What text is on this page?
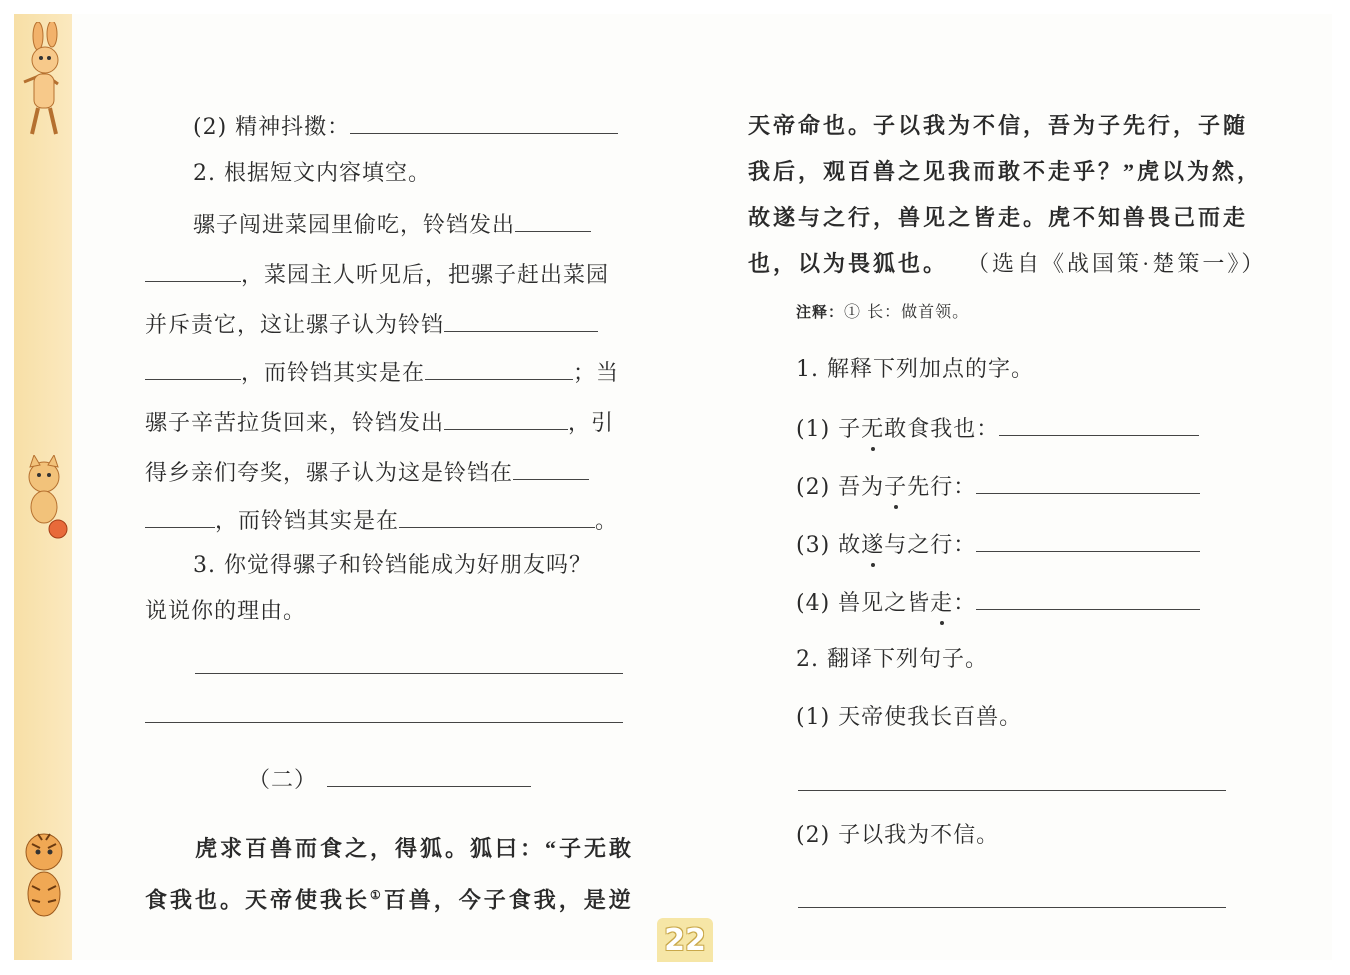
(2) 精神抖擞：
2. 根据短文内容填空。
骡子闯进菜园里偷吃，铃铛发出
，菜园主人听见后，把骡子赶出菜园
并斥责它，这让骡子认为铃铛
，而铃铛其实是在	；当
骡子辛苦拉货回来，铃铛发出	，引
得乡亲们夸奖，骡子认为这是铃铛在
，而铃铛其实是在	。
3. 你觉得骡子和铃铛能成为好朋友吗？
说说你的理由。
（二）
虎求百兽而食之，得狐。狐曰：“子无敢
食我也。天帝使我长①百兽，今子食我，是逆
天帝命也。子以我为不信，吾为子先行，子随
我后，观百兽之见我而敢不走乎？”虎以为然，
故遂与之行，兽见之皆走。虎不知兽畏己而走
也，以为畏狐也。 （选自《战国策·楚策一》）
注释：① 长：做首领。
1. 解释下列加点的字。
(1) 子无敢食我也：
(2) 吾为子先行：
(3) 故遂与之行：
(4) 兽见之皆走：
2. 翻译下列句子。
(1) 天帝使我长百兽。
(2) 子以我为不信。
22
